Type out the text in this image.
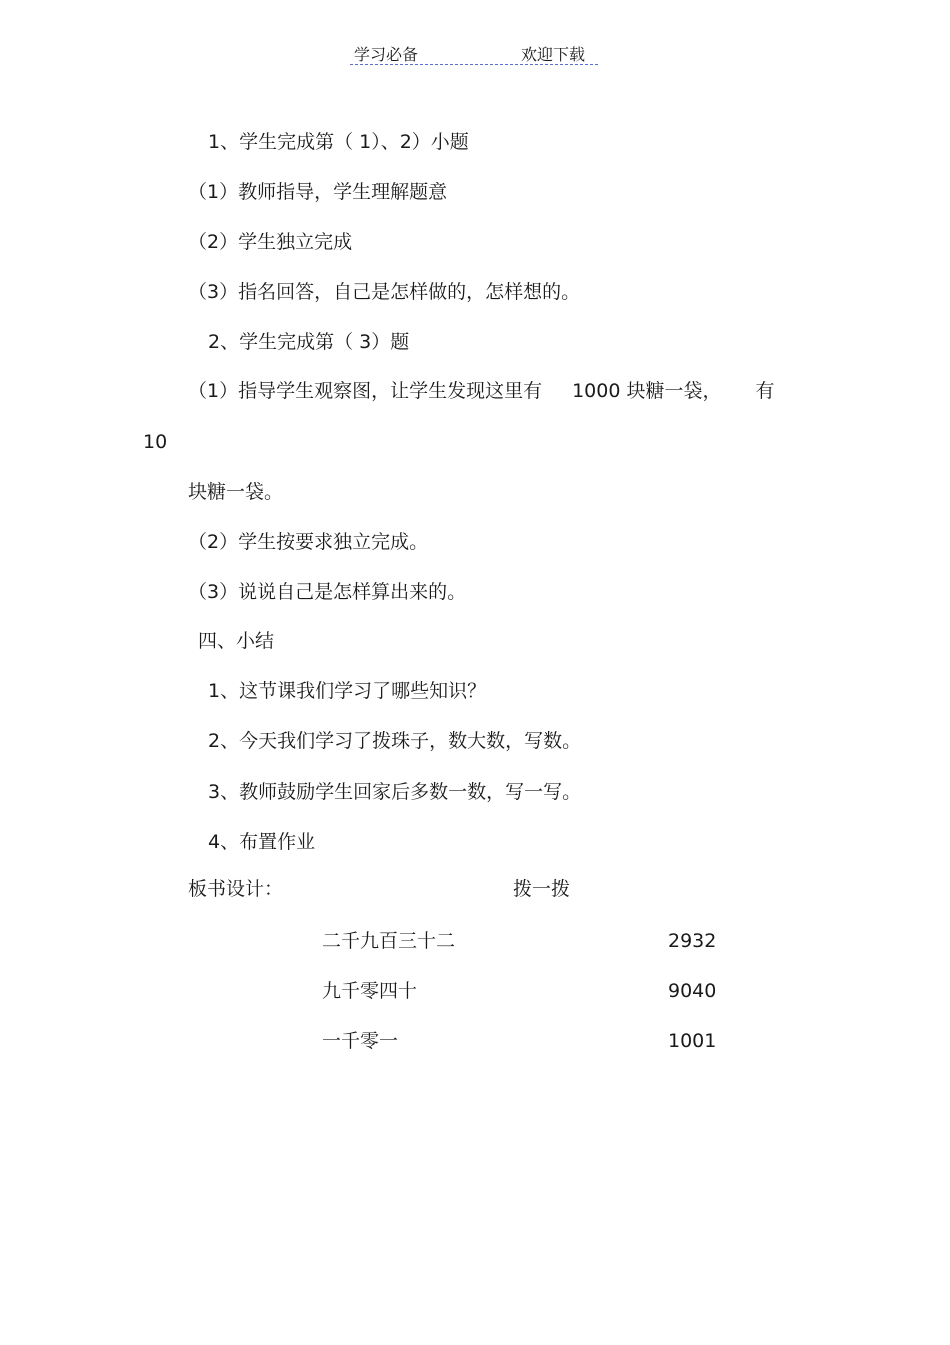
学习必备	欢迎下载
1、学生完成第（ 1）、2）小题
（1）教师指导，学生理解题意
（2）学生独立完成
（3）指名回答，自己是怎样做的，怎样想的。
2、学生完成第（ 3）题
（1）指导学生观察图，让学生发现这里有 1000 块糖一袋， 有
10
块糖一袋。
（2）学生按要求独立完成。
（3）说说自己是怎样算出来的。
四、小结
1、这节课我们学习了哪些知识？
2、今天我们学习了拨珠子，数大数，写数。
3、教师鼓励学生回家后多数一数，写一写。
4、布置作业
板书设计：	拨一拨
二千九百三十二	2932
九千零四十	9040
一千零一	1001
